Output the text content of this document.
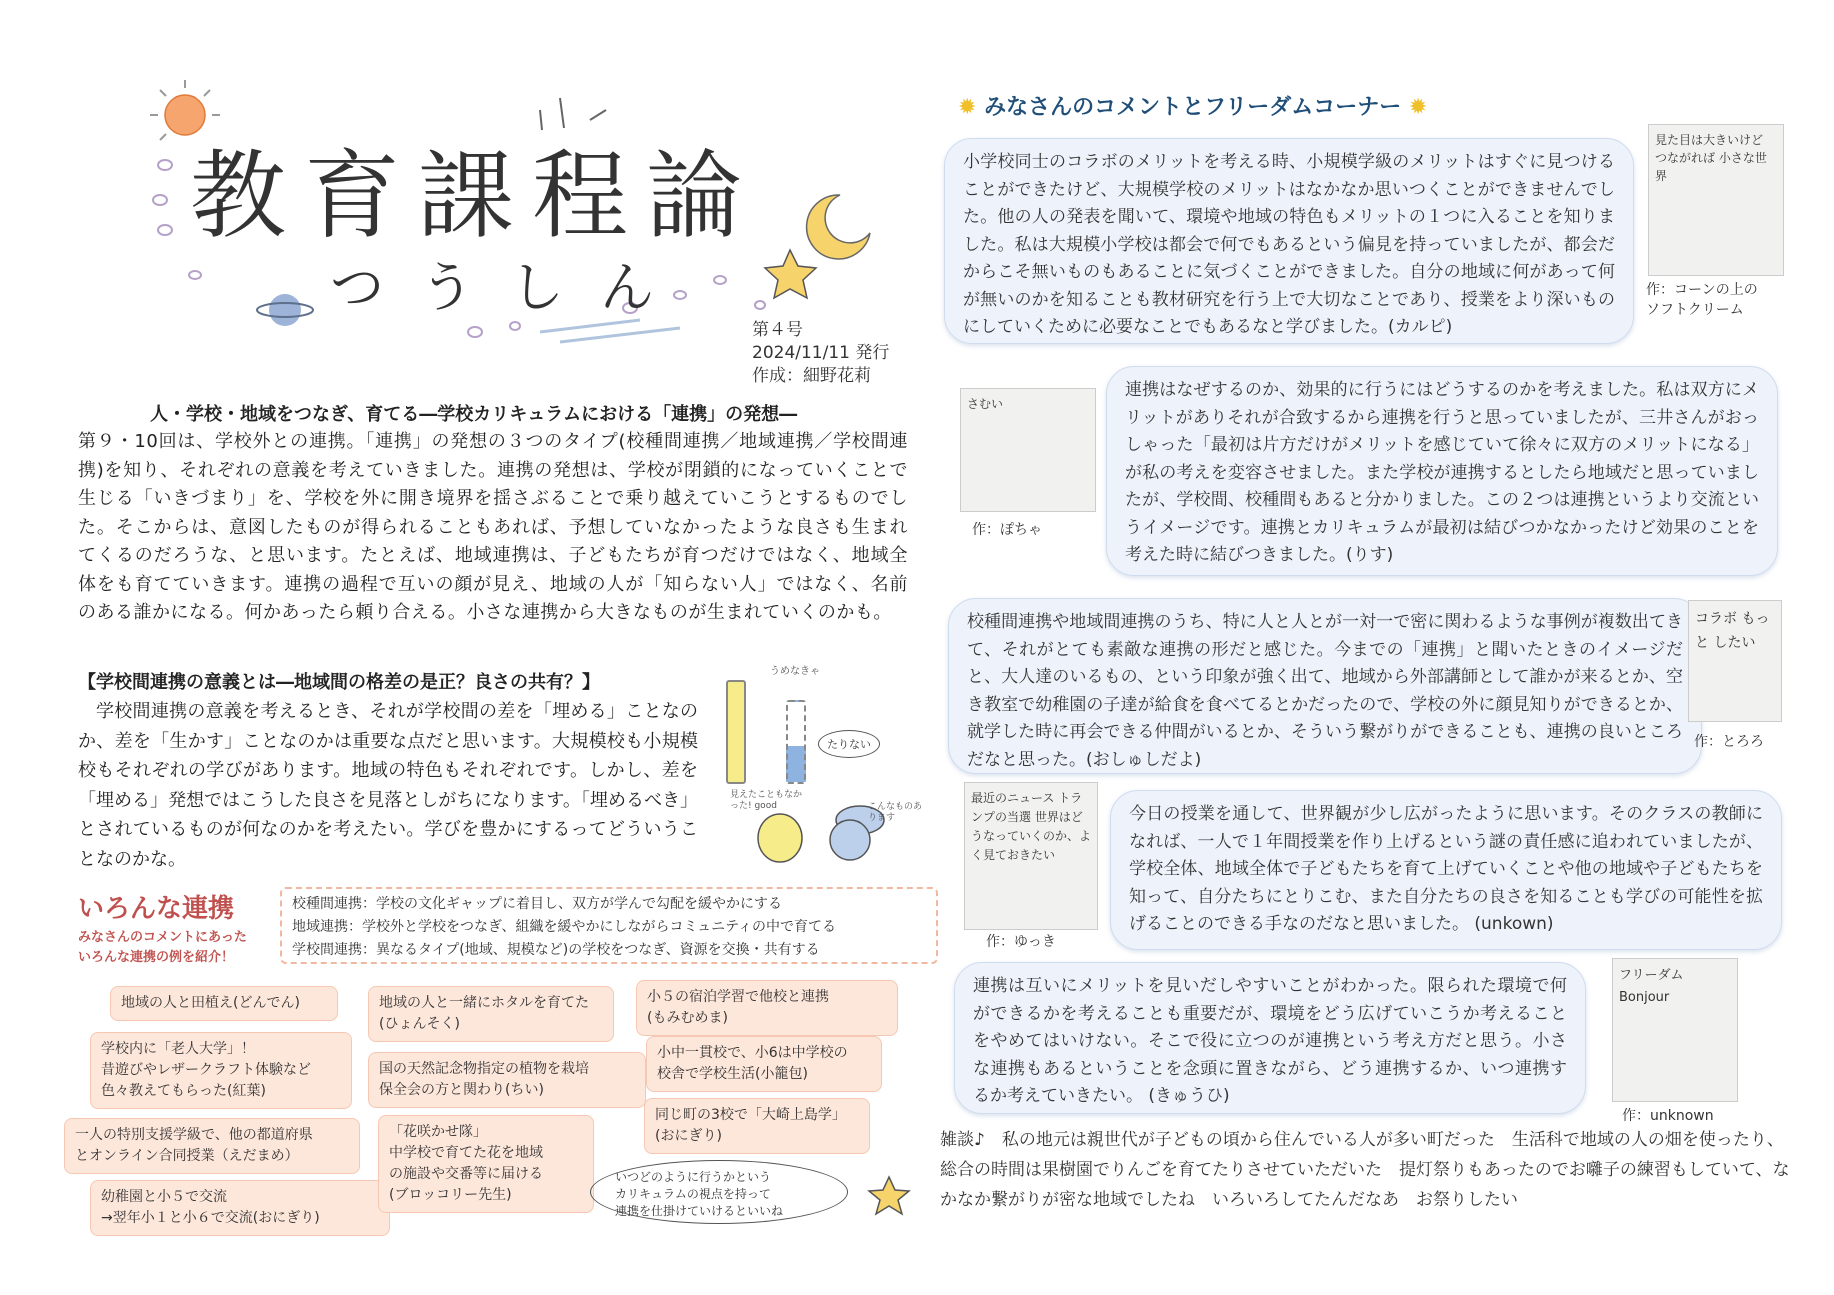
教育課程論
つうしん
第４号
2024/11/11 発行
作成：細野花莉
人・学校・地域をつなぎ、育てる―学校カリキュラムにおける「連携」の発想―
第９・10回は、学校外との連携。「連携」の発想の３つのタイプ(校種間連携／地域連携／学校間連携)を知り、それぞれの意義を考えていきました。連携の発想は、学校が閉鎖的になっていくことで生じる「いきづまり」を、学校を外に開き境界を揺さぶることで乗り越えていこうとするものでした。そこからは、意図したものが得られることもあれば、予想していなかったような良さも生まれてくるのだろうな、と思います。たとえば、地域連携は、子どもたちが育つだけではなく、地域全体をも育てていきます。連携の過程で互いの顔が見え、地域の人が「知らない人」ではなく、名前のある誰かになる。何かあったら頼り合える。小さな連携から大きなものが生まれていくのかも。
【学校間連携の意義とは―地域間の格差の是正？良さの共有？】
学校間連携の意義を考えるとき、それが学校間の差を「埋める」ことなのか、差を「生かす」ことなのかは重要な点だと思います。大規模校も小規模校もそれぞれの学びがあります。地域の特色もそれぞれです。しかし、差を「埋める」発想ではこうした良さを見落としがちになります。「埋めるべき」とされているものが何なのかを考えたい。学びを豊かにするってどういうことなのかな。
うめなきゃ
たりない
見えたこともなかった! good	こんなものあります
いろんな連携
みなさんのコメントにあった
いろんな連携の例を紹介！
校種間連携：学校の文化ギャップに着目し、双方が学んで勾配を緩やかにする
地域連携：学校外と学校をつなぎ、組織を緩やかにしながらコミュニティの中で育てる
学校間連携：異なるタイプ(地域、規模など)の学校をつなぎ、資源を交換・共有する
地域の人と田植え(どんでん)
学校内に「老人大学」！
昔遊びやレザークラフト体験など
色々教えてもらった(紅葉)
一人の特別支援学級で、他の都道府県
とオンライン合同授業（えだまめ）
幼稚園と小５で交流
→翌年小１と小６で交流(おにぎり)
地域の人と一緒にホタルを育てた
(ひょんそく)
国の天然記念物指定の植物を栽培
保全会の方と関わり(ちい)
「花咲かせ隊」
中学校で育てた花を地域
の施設や交番等に届ける
(ブロッコリー先生)
小５の宿泊学習で他校と連携
(もみむめま)
小中一貫校で、小6は中学校の
校舎で学校生活(小籠包)
同じ町の3校で「大崎上島学」
(おにぎり)
いつどのように行うかという
カリキュラムの視点を持って
連携を仕掛けていけるといいね
✹ みなさんのコメントとフリーダムコーナー ✹
小学校同士のコラボのメリットを考える時、小規模学級のメリットはすぐに見つけることができたけど、大規模学校のメリットはなかなか思いつくことができませんでした。他の人の発表を聞いて、環境や地域の特色もメリットの１つに入ることを知りました。私は大規模小学校は都会で何でもあるという偏見を持っていましたが、都会だからこそ無いものもあることに気づくことができました。自分の地域に何があって何が無いのかを知ることも教材研究を行う上で大切なことであり、授業をより深いものにしていくために必要なことでもあるなと学びました。(カルピ)
見た目は大きいけど つながれば 小さな世界
作：コーンの上の
ソフトクリーム
さむい
作：ぽちゃ
連携はなぜするのか、効果的に行うにはどうするのかを考えました。私は双方にメリットがありそれが合致するから連携を行うと思っていましたが、三井さんがおっしゃった「最初は片方だけがメリットを感じていて徐々に双方のメリットになる」が私の考えを変容させました。また学校が連携するとしたら地域だと思っていましたが、学校間、校種間もあると分かりました。この２つは連携というより交流というイメージです。連携とカリキュラムが最初は結びつかなかったけど効果のことを考えた時に結びつきました。(りす)
校種間連携や地域間連携のうち、特に人と人とが一対一で密に関わるような事例が複数出てきて、それがとても素敵な連携の形だと感じた。今までの「連携」と聞いたときのイメージだと、大人達のいるもの、という印象が強く出て、地域から外部講師として誰かが来るとか、空き教室で幼稚園の子達が給食を食べてるとかだったので、学校の外に顔見知りができるとか、就学した時に再会できる仲間がいるとか、そういう繋がりができることも、連携の良いところだなと思った。(おしゅしだよ)
コラボ もっと したい
作：とろろ
最近のニュース トランプの当選 世界はどうなっていくのか、よく見ておきたい
作：ゆっき
今日の授業を通して、世界観が少し広がったように思います。そのクラスの教師になれば、一人で１年間授業を作り上げるという謎の責任感に追われていましたが、学校全体、地域全体で子どもたちを育て上げていくことや他の地域や子どもたちを知って、自分たちにとりこむ、また自分たちの良さを知ることも学びの可能性を拡げることのできる手なのだなと思いました。 (unkown)
連携は互いにメリットを見いだしやすいことがわかった。限られた環境で何ができるかを考えることも重要だが、環境をどう広げていこうか考えることをやめてはいけない。そこで役に立つのが連携という考え方だと思う。小さな連携もあるということを念頭に置きながら、どう連携するか、いつ連携するか考えていきたい。 (きゅうひ)
フリーダム Bonjour
作：unknown
雑談♪　私の地元は親世代が子どもの頃から住んでいる人が多い町だった　生活科で地域の人の畑を使ったり、総合の時間は果樹園でりんごを育てたりさせていただいた　提灯祭りもあったのでお囃子の練習もしていて、なかなか繋がりが密な地域でしたね　いろいろしてたんだなあ　お祭りしたい
